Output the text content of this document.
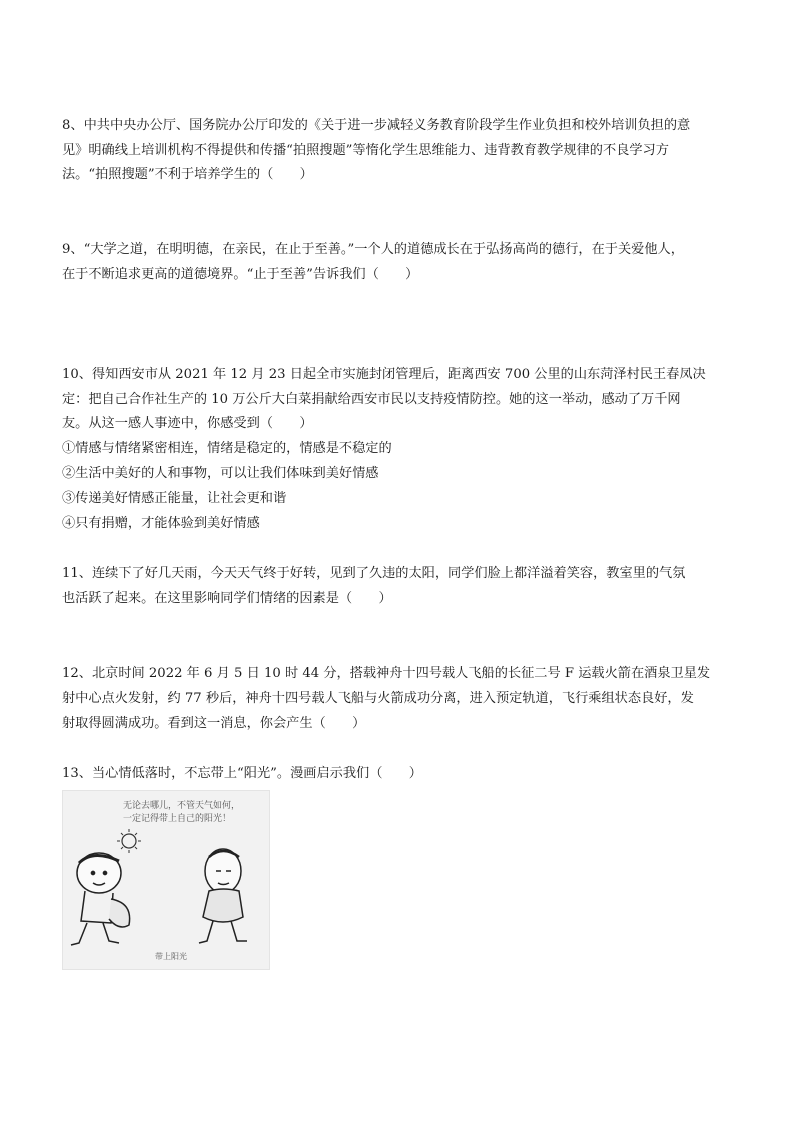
8、中共中央办公厅、国务院办公厅印发的《关于进一步减轻义务教育阶段学生作业负担和校外培训负担的意
见》明确线上培训机构不得提供和传播“拍照搜题”等惰化学生思维能力、违背教育教学规律的不良学习方
法。“拍照搜题”不利于培养学生的（　　）
9、“大学之道，在明明德，在亲民，在止于至善。”一个人的道德成长在于弘扬高尚的德行，在于关爱他人，
在于不断追求更高的道德境界。“止于至善”告诉我们（　　）
10、得知西安市从 2021 年 12 月 23 日起全市实施封闭管理后，距离西安 700 公里的山东菏泽村民王春凤决
定：把自己合作社生产的 10 万公斤大白菜捐献给西安市民以支持疫情防控。她的这一举动，感动了万千网
友。从这一感人事迹中，你感受到（　　）
①情感与情绪紧密相连，情绪是稳定的，情感是不稳定的
②生活中美好的人和事物，可以让我们体味到美好情感
③传递美好情感正能量，让社会更和谐
④只有捐赠，才能体验到美好情感
11、连续下了好几天雨，今天天气终于好转，见到了久违的太阳，同学们脸上都洋溢着笑容，教室里的气氛
也活跃了起来。在这里影响同学们情绪的因素是（　　）
12、北京时间 2022 年 6 月 5 日 10 时 44 分，搭载神舟十四号载人飞船的长征二号 F 运载火箭在酒泉卫星发
射中心点火发射，约 77 秒后，神舟十四号载人飞船与火箭成功分离，进入预定轨道，飞行乘组状态良好，发
射取得圆满成功。看到这一消息，你会产生（　　）
13、当心情低落时，不忘带上“阳光”。漫画启示我们（　　）
无论去哪儿，不管天气如何，
一定记得带上自己的阳光！
带上阳光
